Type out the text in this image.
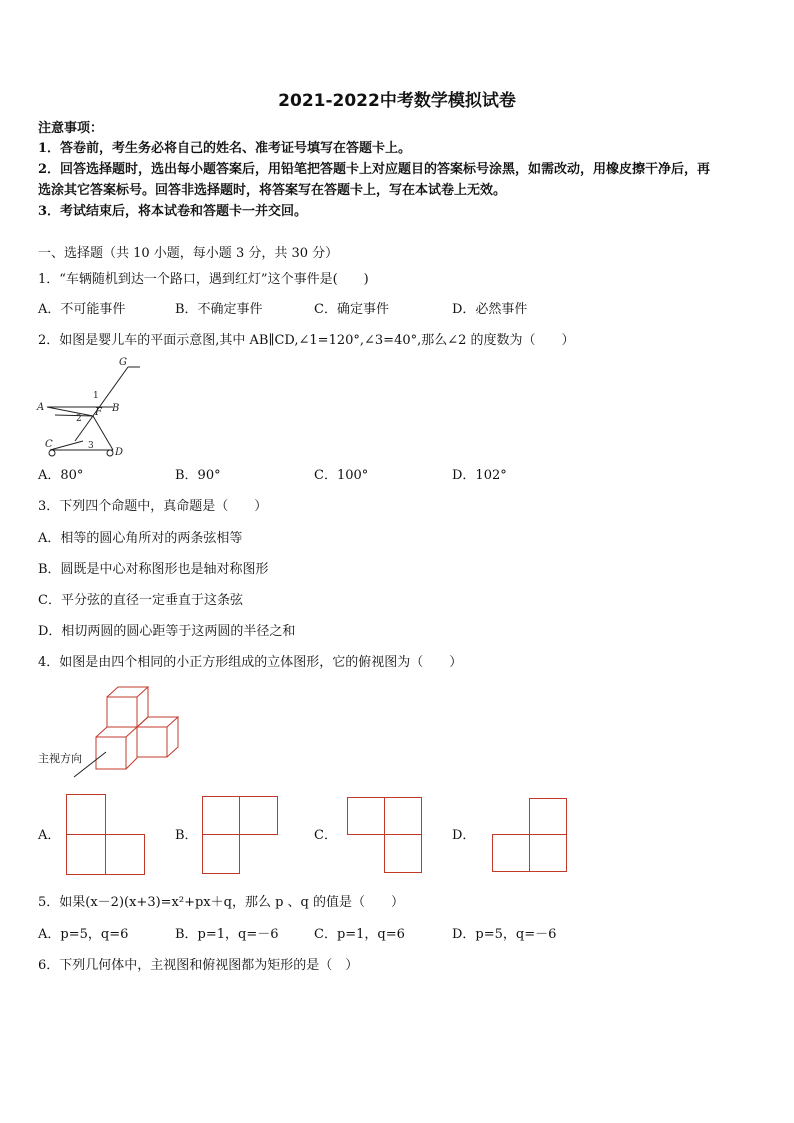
2021-2022中考数学模拟试卷
注意事项：
1．答卷前，考生务必将自己的姓名、准考证号填写在答题卡上。
2．回答选择题时，选出每小题答案后，用铅笔把答题卡上对应题目的答案标号涂黑，如需改动，用橡皮擦干净后，再
选涂其它答案标号。回答非选择题时，将答案写在答题卡上，写在本试卷上无效。
3．考试结束后，将本试卷和答题卡一并交回。
一、选择题（共 10 小题，每小题 3 分，共 30 分）
1．“车辆随机到达一个路口，遇到红灯”这个事件是(　　)
A．不可能事件	B．不确定事件	C．确定事件	D．必然事件
2．如图是婴儿车的平面示意图,其中 AB∥CD,∠1=120°,∠3=40°,那么∠2 的度数为（　　）
G
A	B
C
D
F
1
2
3
A．80°	B．90°	C．100°	D．102°
3．下列四个命题中，真命题是（　　）
A．相等的圆心角所对的两条弦相等
B．圆既是中心对称图形也是轴对称图形
C．平分弦的直径一定垂直于这条弦
D．相切两圆的圆心距等于这两圆的半径之和
4．如图是由四个相同的小正方形组成的立体图形，它的俯视图为（　　）
主视方向
A．	B．	C．	D．
5．如果(x－2)(x+3)=x²+px＋q，那么 p 、q 的值是（　　）
A．p=5，q=6	B．p=1，q=－6	C．p=1，q=6	D．p=5，q=－6
6．下列几何体中，主视图和俯视图都为矩形的是（　）
